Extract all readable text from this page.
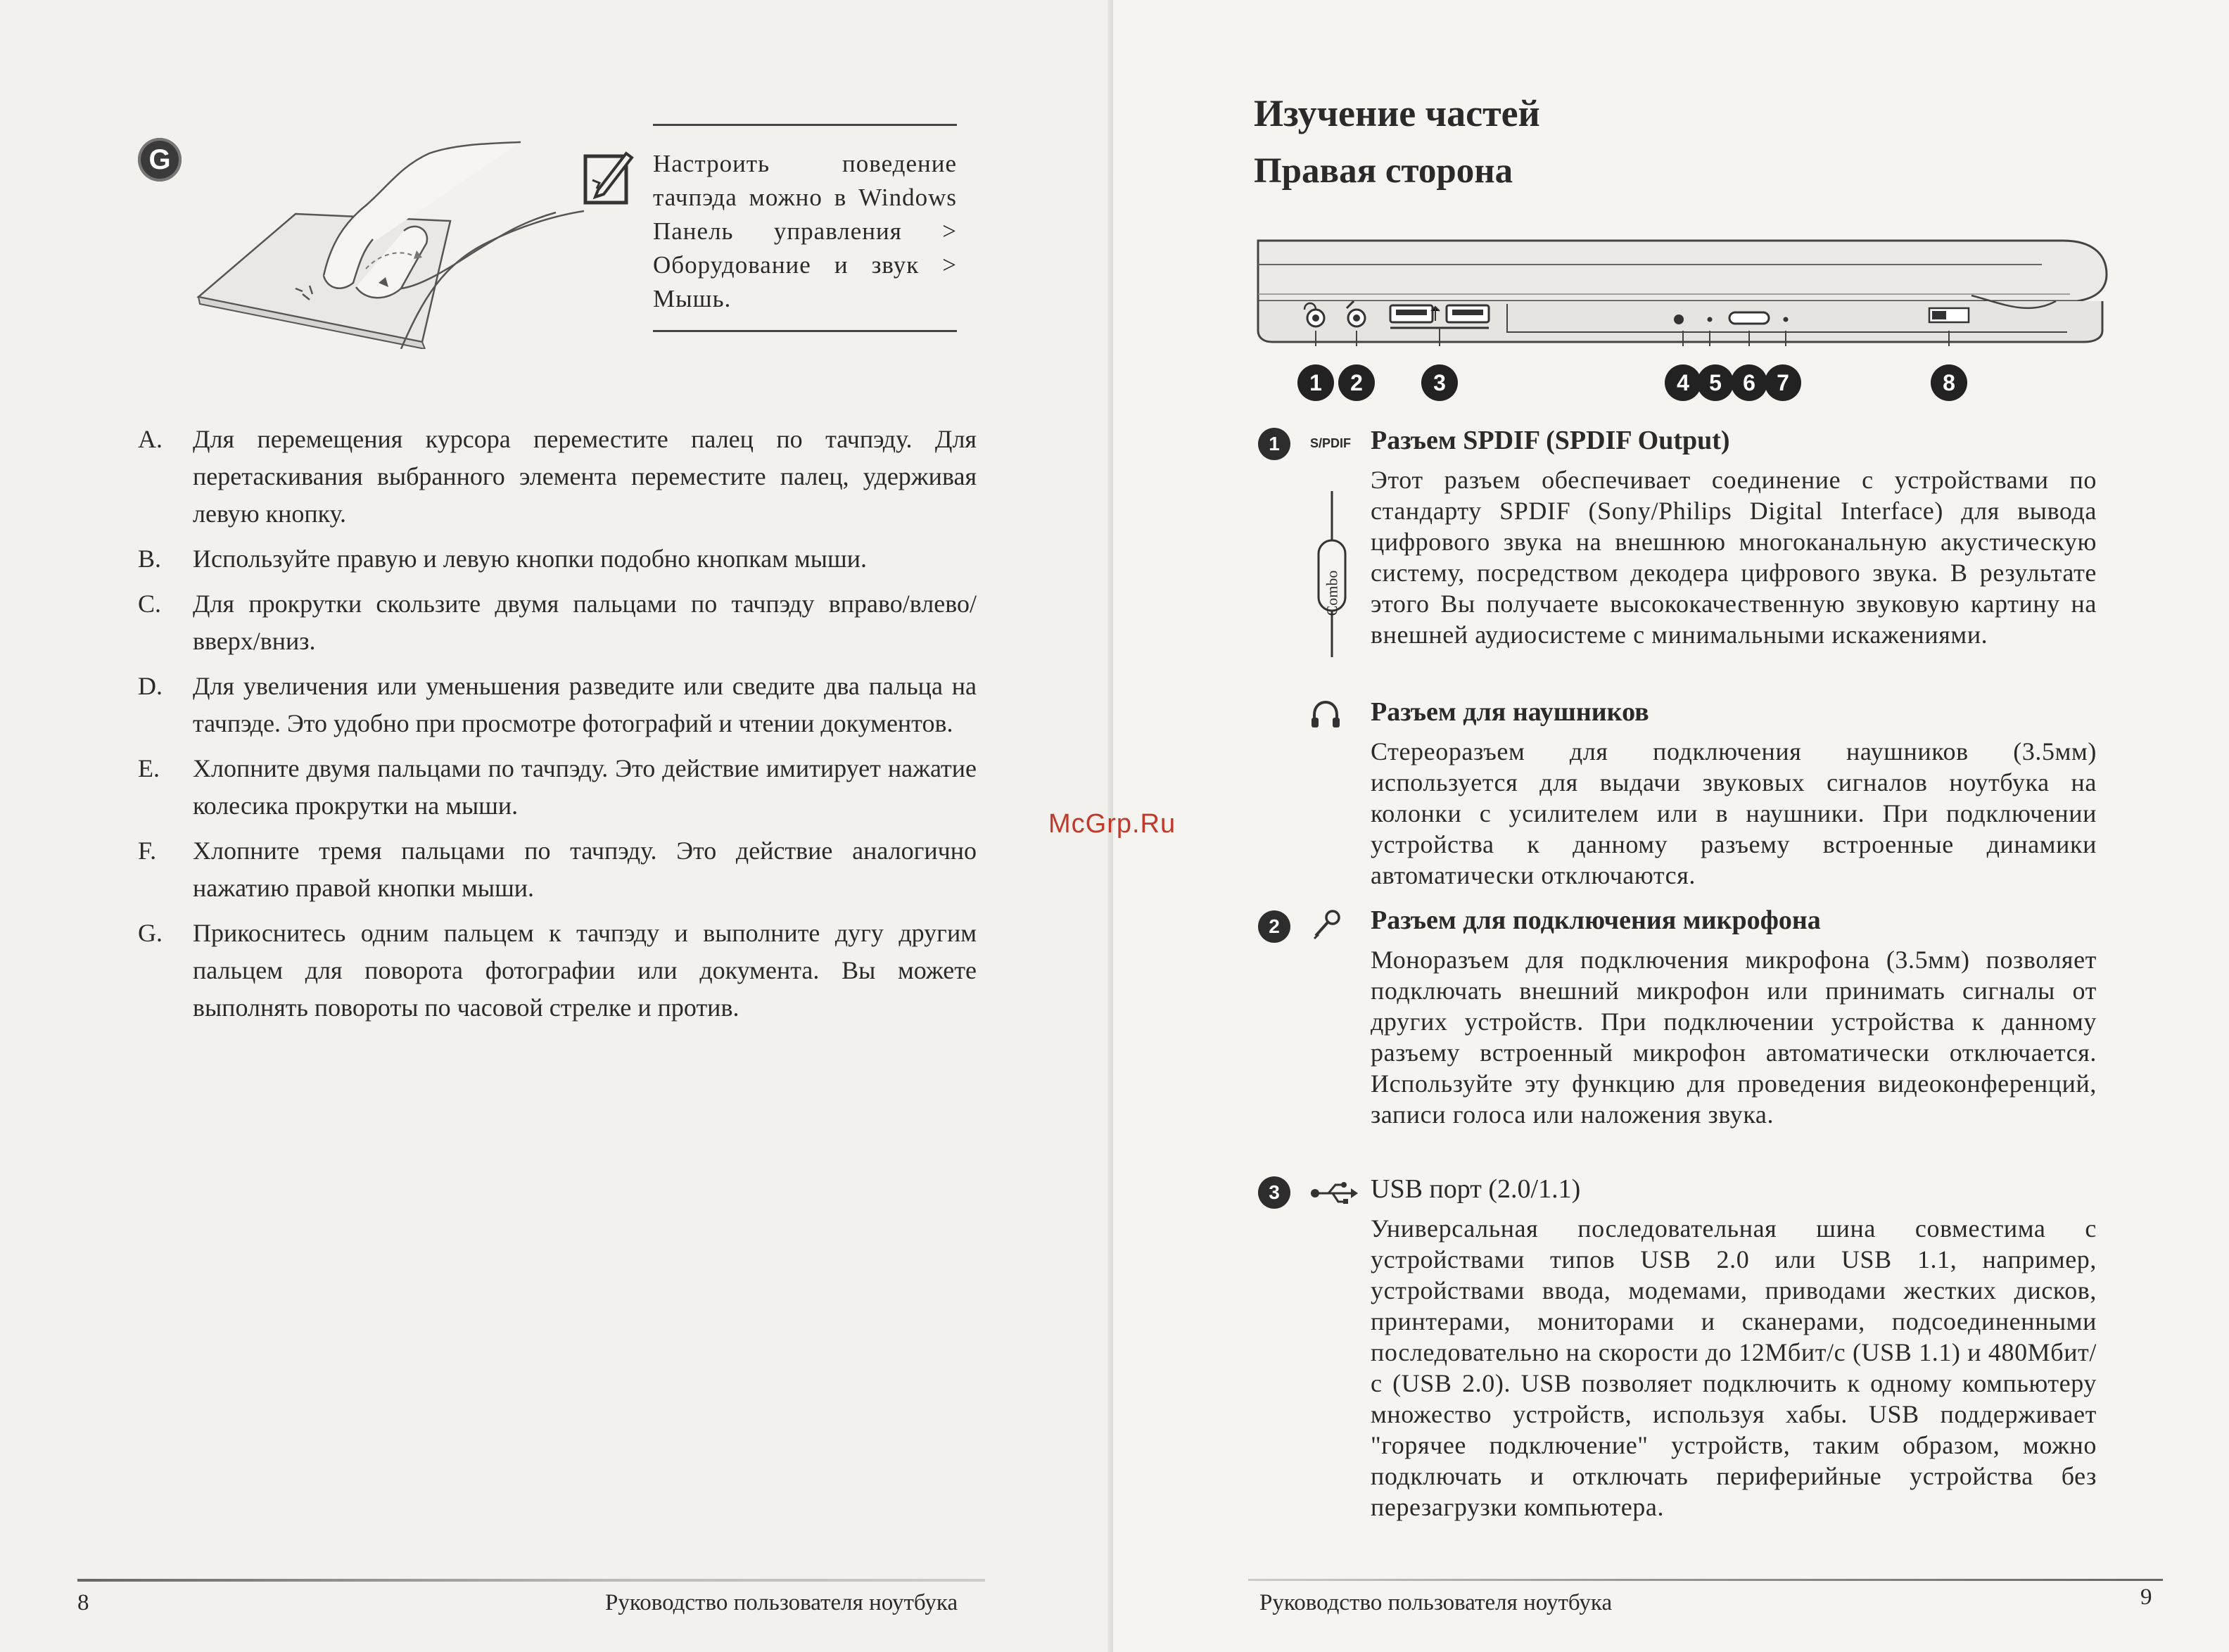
G	Настроить поведение тачпэда можно в Windows Панель управления > Оборудование и звук > Мышь.

A. Для перемещения курсора переместите палец по тачпэду. Для перетаскивания выбранного элемента переместите палец, удерживая левую кнопку.
B. Используйте правую и левую кнопки подобно кнопкам мыши.
C. Для прокрутки скользите двумя пальцами по тачпэду вправо/влево/вверх/вниз.
D. Для увеличения или уменьшения разведите или сведите два пальца на тачпэде. Это удобно при просмотре фотографий и чтении документов.
E. Хлопните двумя пальцами по тачпэду. Это действие имитирует нажатие колесика прокрутки на мыши.
F. Хлопните тремя пальцами по тачпэду. Это действие аналогично нажатию правой кнопки мыши.
G. Прикоснитесь одним пальцем к тачпэду и выполните дугу другим пальцем для поворота фотографии или документа. Вы можете выполнять повороты по часовой стрелке и против.
8	Руководство пользователя ноутбука
McGrp.Ru
Изучение частей
Правая сторона
1	2	3	4 5 6 7	8
1	S/PDIF Разъем SPDIF (SPDIF Output)

Этот разъем обеспечивает соединение с устройствами по стандарту SPDIF (Sony/Philips Digital Interface) для вывода цифрового звука на внешнюю многоканальную акустическую систему, посредством декодера цифрового звука. В результате этого Вы получаете высококачественную звуковую картину на внешней аудиосистеме с минимальными искажениями.

Combo
Разъем для наушников

Стереоразъем для подключения наушников (3.5мм) используется для выдачи звуковых сигналов ноутбука на колонки с усилителем или в наушники. При подключении устройства к данному разъему встроенные динамики автоматически отключаются.

2	Разъем для подключения микрофона

Моноразъем для подключения микрофона (3.5мм) позволяет подключать внешний микрофон или принимать сигналы от других устройств. При подключении устройства к данному разъему встроенный микрофон автоматически отключается. Используйте эту функцию для проведения видеоконференций, записи голоса или наложения звука.

3	USB порт (2.0/1.1)

Универсальная последовательная шина совместима с устройствами типов USB 2.0 или USB 1.1, например, устройствами ввода, модемами, приводами жестких дисков, принтерами, мониторами и сканерами, подсоединенными последовательно на скорости до 12Мбит/с (USB 1.1) и 480Мбит/с (USB 2.0). USB позволяет подключить к одному компьютеру множество устройств, используя хабы. USB поддерживает "горячее подключение" устройств, таким образом, можно подключать и отключать периферийные устройства без перезагрузки компьютера.

Руководство пользователя ноутбука	9
